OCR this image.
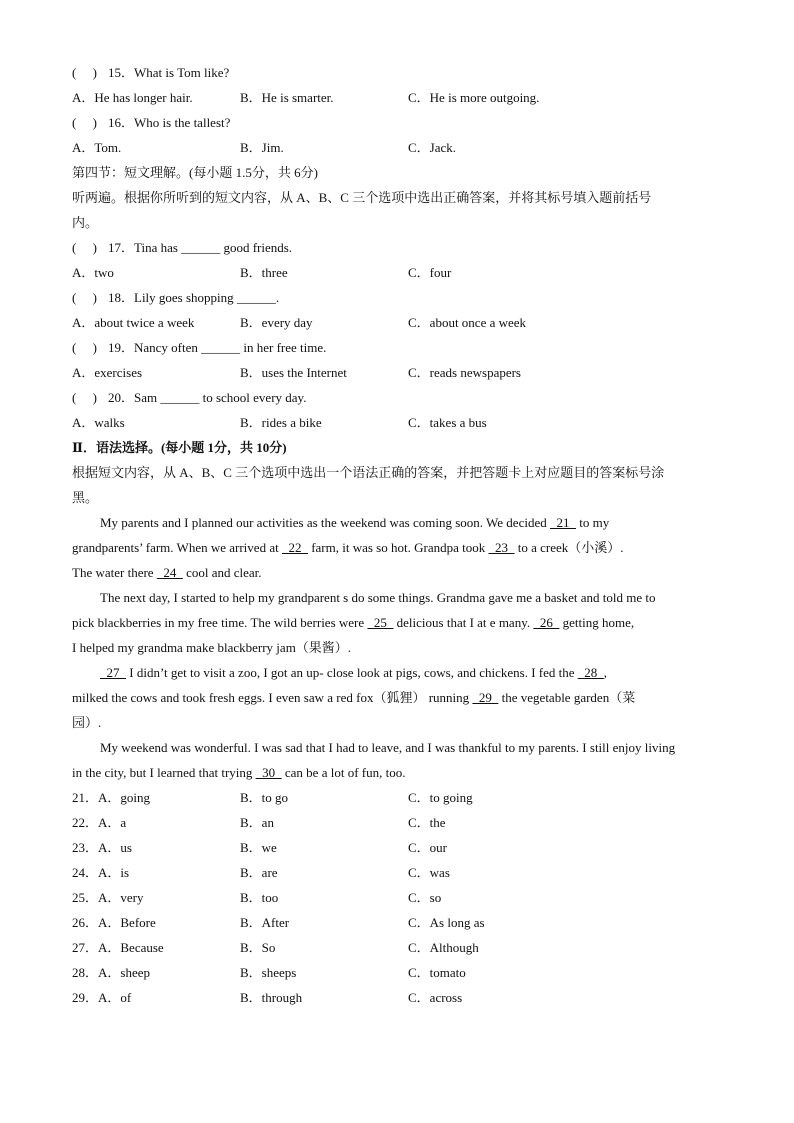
(　 ) 15．What is Tom like?
A．He has longer hair.	B．He is smarter.	C．He is more outgoing.
(　 ) 16．Who is the tallest?
A．Tom.	B．Jim.	C．Jack.
第四节：短文理解。(每小题 1.5分，共 6分)
听两遍。根据你所听到的短文内容，从 A、B、C 三个选项中选出正确答案，并将其标号填入题前括号
内。
(　 ) 17．Tina has ______ good friends.
A．two	B．three	C．four
(　 ) 18．Lily goes shopping ______.
A．about twice a week	B．every day	C．about once a week
(　 ) 19．Nancy often ______ in her free time.
A．exercises	B．uses the Internet	C．reads newspapers
(　 ) 20．Sam ______ to school every day.
A．walks	B．rides a bike	C．takes a bus
Ⅱ．语法选择。(每小题 1分，共 10分)
根据短文内容，从 A、B、C 三个选项中选出一个语法正确的答案，并把答题卡上对应题目的答案标号涂
黑。
My parents and I planned our activities as the weekend was coming soon. We decided   21   to my
grandparents’ farm. When we arrived at   22   farm, it was so hot. Grandpa took   23   to a creek（小溪）.
The water there   24   cool and clear.
The next day, I started to help my grandparent s do some things. Grandma gave me a basket and told me to
pick blackberries in my free time. The wild berries were   25   delicious that I at e many.   26   getting home,
I helped my grandma make blackberry jam（果酱）.
27   I didn’t get to visit a zoo, I got an up- close look at pigs, cows, and chickens. I fed the   28  ,
milked the cows and took fresh eggs. I even saw a red fox（狐狸） running   29   the vegetable garden（菜
园）.
My weekend was wonderful. I was sad that I had to leave, and I was thankful to my parents. I still enjoy living
in the city, but I learned that trying   30   can be a lot of fun, too.
21．A．going	B．to go	C．to going
22．A．a	B．an	C．the
23．A．us	B．we	C．our
24．A．is	B．are	C．was
25．A．very	B．too	C．so
26．A．Before	B．After	C．As long as
27．A．Because	B．So	C．Although
28．A．sheep	B．sheeps	C．tomato
29．A．of	B．through	C．across
